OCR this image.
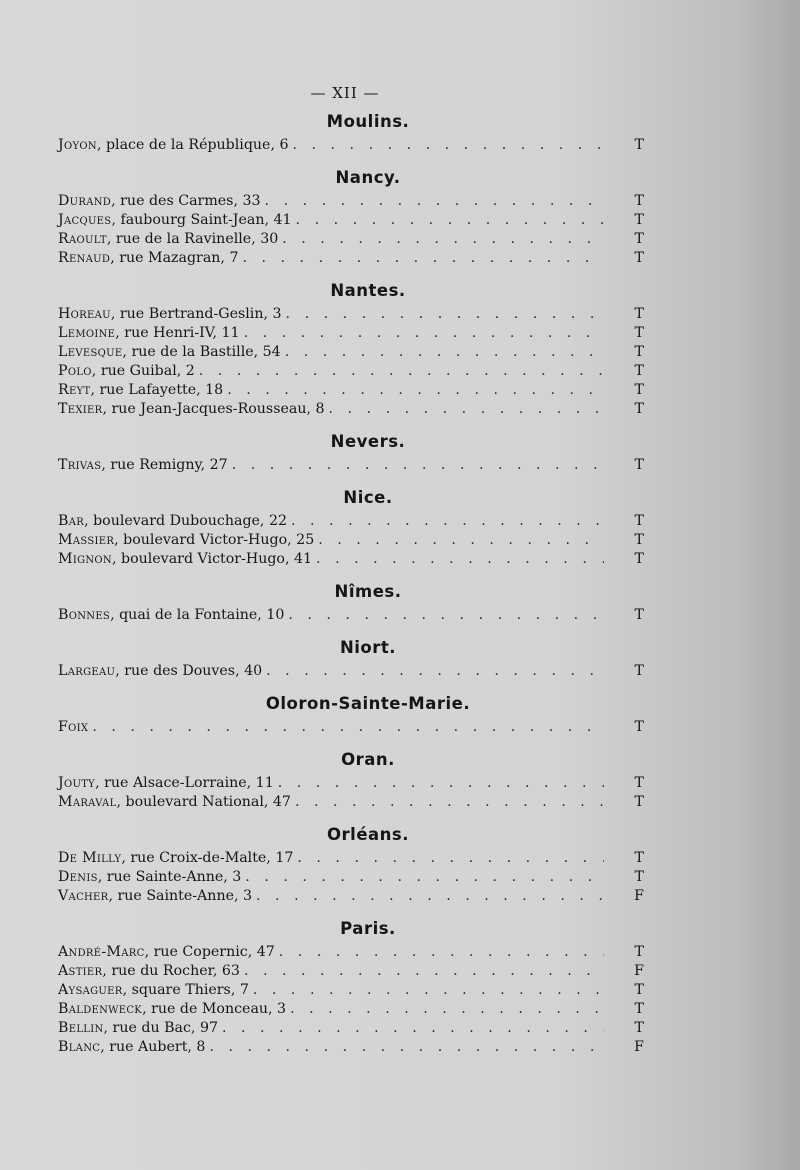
— XII —
Moulins.
Joyon , place de la République, 6 . . .	T
Nancy.
Durand , rue des Carmes, 33 . . .	T
Jacques , faubourg Saint-Jean, 41 . . .	T
Raoult , rue de la Ravinelle, 30 . . .	T
Renaud , rue Mazagran, 7 . . .	T
Nantes.
Horeau , rue Bertrand-Geslin, 3 . . .	T
Lemoine , rue Henri-IV, 11 . . .	T
Levesque , rue de la Bastille, 54 . . .	T
Polo , rue Guibal, 2 . . .	T
Reyt , rue Lafayette, 18 . . .	T
Texier , rue Jean-Jacques-Rousseau, 8 . . .	T
Nevers.
Trivas , rue Remigny, 27 . . .	T
Nice.
Bar , boulevard Dubouchage, 22 . . .	T
Massier , boulevard Victor-Hugo, 25 . . .	T
Mignon , boulevard Victor-Hugo, 41 . . .	T
Nîmes.
Bonnes , quai de la Fontaine, 10 . . .	T
Niort.
Largeau , rue des Douves, 40 . . .	T
Oloron-Sainte-Marie.
Foix . . .	T
Oran.
Jouty , rue Alsace-Lorraine, 11 . . .	T
Maraval , boulevard National, 47 . . .	T
Orléans.
De Milly , rue Croix-de-Malte, 17 . . .	T
Denis , rue Sainte-Anne, 3 . . .	T
Vacher , rue Sainte-Anne, 3 . . .	F
Paris.
André-Marc , rue Copernic, 47 . . .	T
Astier , rue du Rocher, 63 . . .	F
Aysaguer , square Thiers, 7 . . .	T
Baldenweck , rue de Monceau, 3 . . .	T
Bellin , rue du Bac, 97 . . .	T
Blanc , rue Aubert, 8 . . .	F
